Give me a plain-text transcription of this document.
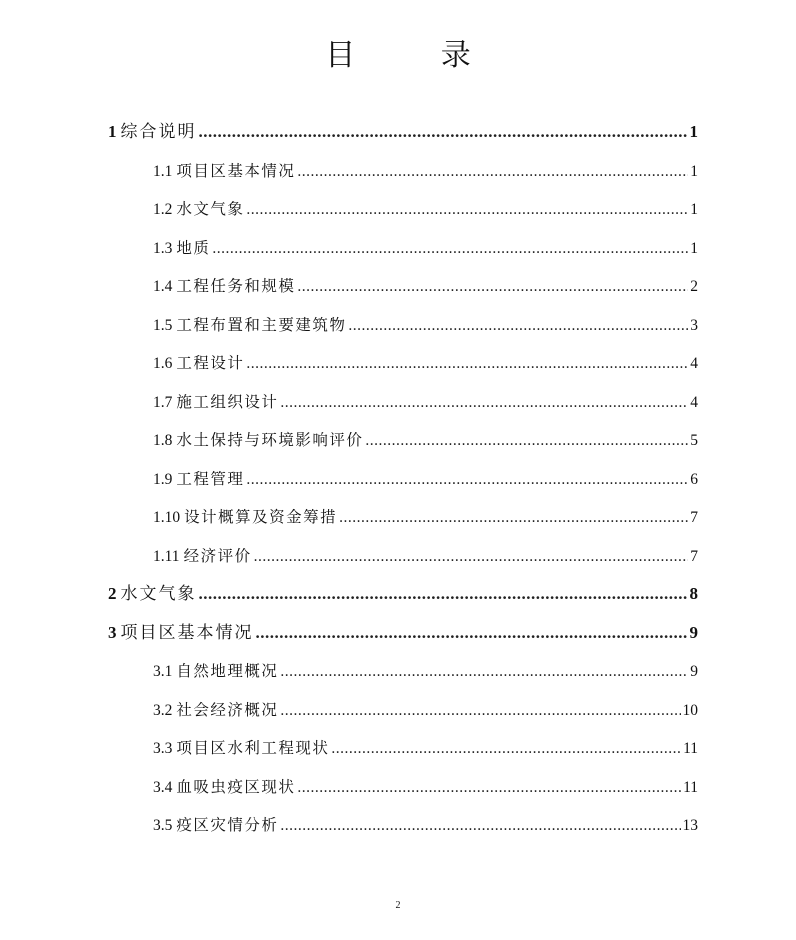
目 录
1 综合说明 .....	1
1.1 项目区基本情况 .....	1
1.2 水文气象 .....	1
1.3 地质 .....	1
1.4 工程任务和规模 .....	2
1.5 工程布置和主要建筑物 .....	3
1.6 工程设计 .....	4
1.7 施工组织设计 .....	4
1.8 水土保持与环境影响评价 .....	5
1.9 工程管理 .....	6
1.10 设计概算及资金筹措 .....	7
1.11 经济评价 .....	7
2 水文气象 .....	8
3 项目区基本情况 .....	9
3.1 自然地理概况 .....	9
3.2 社会经济概况 .....	10
3.3 项目区水利工程现状 .....	11
3.4 血吸虫疫区现状 .....	11
3.5 疫区灾情分析 .....	13
2
